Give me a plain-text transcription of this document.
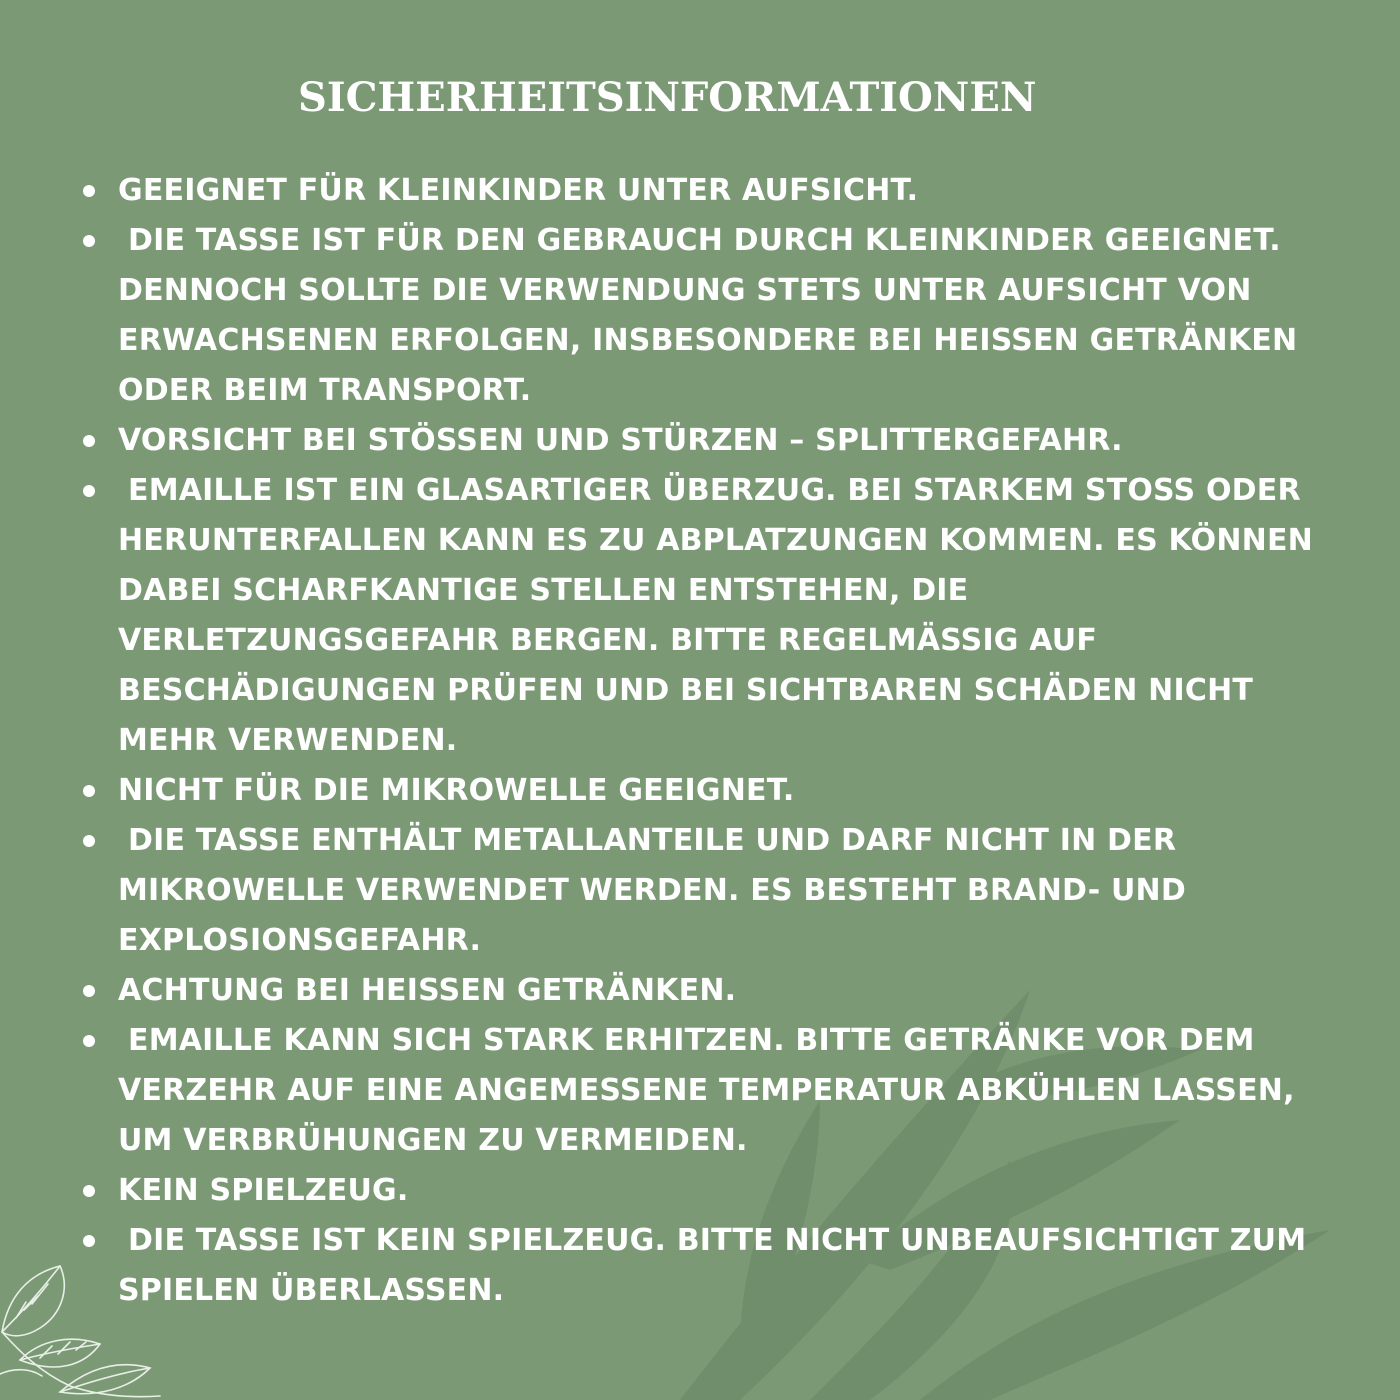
SICHERHEITSINFORMATIONEN
GEEIGNET FÜR KLEINKINDER UNTER AUFSICHT.
DIE TASSE IST FÜR DEN GEBRAUCH DURCH KLEINKINDER GEEIGNET. DENNOCH SOLLTE DIE VERWENDUNG STETS UNTER AUFSICHT VON ERWACHSENEN ERFOLGEN, INSBESONDERE BEI HEISSEN GETRÄNKEN ODER BEIM TRANSPORT.
VORSICHT BEI STÖSSEN UND STÜRZEN – SPLITTERGEFAHR.
EMAILLE IST EIN GLASARTIGER ÜBERZUG. BEI STARKEM STOSS ODER HERUNTERFALLEN KANN ES ZU ABPLATZUNGEN KOMMEN. ES KÖNNEN DABEI SCHARFKANTIGE STELLEN ENTSTEHEN, DIE VERLETZUNGSGEFAHR BERGEN. BITTE REGELMÄSSIG AUF BESCHÄDIGUNGEN PRÜFEN UND BEI SICHTBAREN SCHÄDEN NICHT MEHR VERWENDEN.
NICHT FÜR DIE MIKROWELLE GEEIGNET.
DIE TASSE ENTHÄLT METALLANTEILE UND DARF NICHT IN DER MIKROWELLE VERWENDET WERDEN. ES BESTEHT BRAND- UND EXPLOSIONSGEFAHR.
ACHTUNG BEI HEISSEN GETRÄNKEN.
EMAILLE KANN SICH STARK ERHITZEN. BITTE GETRÄNKE VOR DEM VERZEHR AUF EINE ANGEMESSENE TEMPERATUR ABKÜHLEN LASSEN, UM VERBRÜHUNGEN ZU VERMEIDEN.
KEIN SPIELZEUG.
DIE TASSE IST KEIN SPIELZEUG. BITTE NICHT UNBEAUFSICHTIGT ZUM SPIELEN ÜBERLASSEN.
